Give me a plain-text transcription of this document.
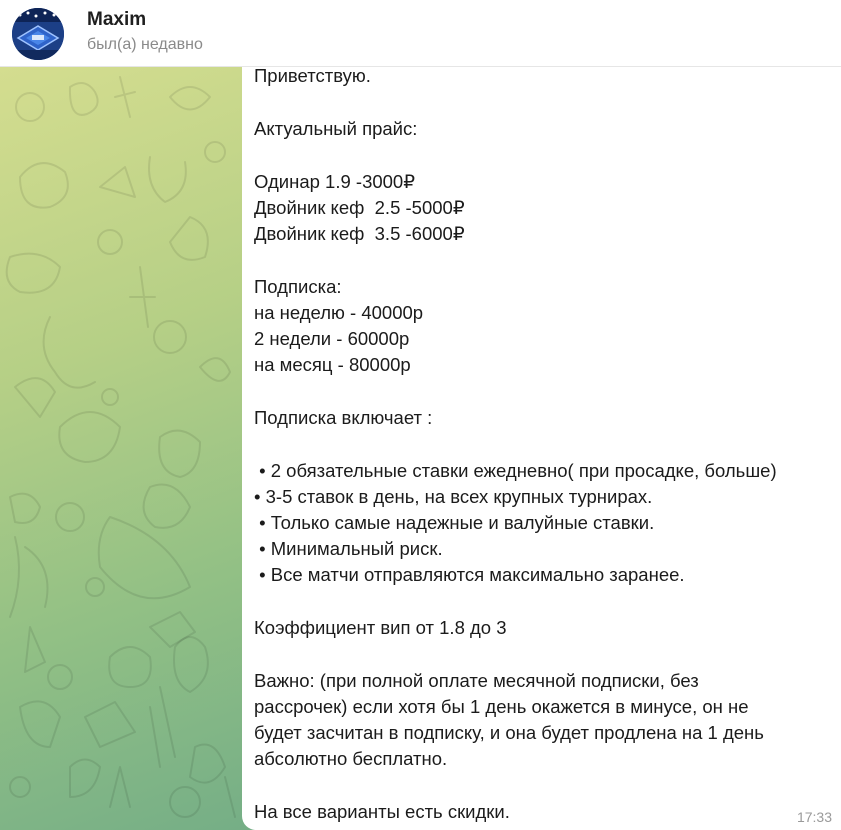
Maxim
был(а) недавно
Приветствую.
Актуальный прайс:
Одинар 1.9 -3000₽
Двойник кеф  2.5 -5000₽
Двойник кеф  3.5 -6000₽
Подписка:
на неделю - 40000р
2 недели - 60000р
на месяц - 80000р
Подписка включает :
• 2 обязательные ставки ежедневно( при просадке, больше)
• 3-5 ставок в день, на всех крупных турнирах.
• Только самые надежные и валуйные ставки.
• Минимальный риск.
• Все матчи отправляются максимально заранее.
Коэффициент вип от 1.8 до 3
Важно: (при полной оплате месячной подписки, без
рассрочек) если хотя бы 1 день окажется в минусе, он не
будет засчитан в подписку, и она будет продлена на 1 день
абсолютно бесплатно.
На все варианты есть скидки.	17:33
